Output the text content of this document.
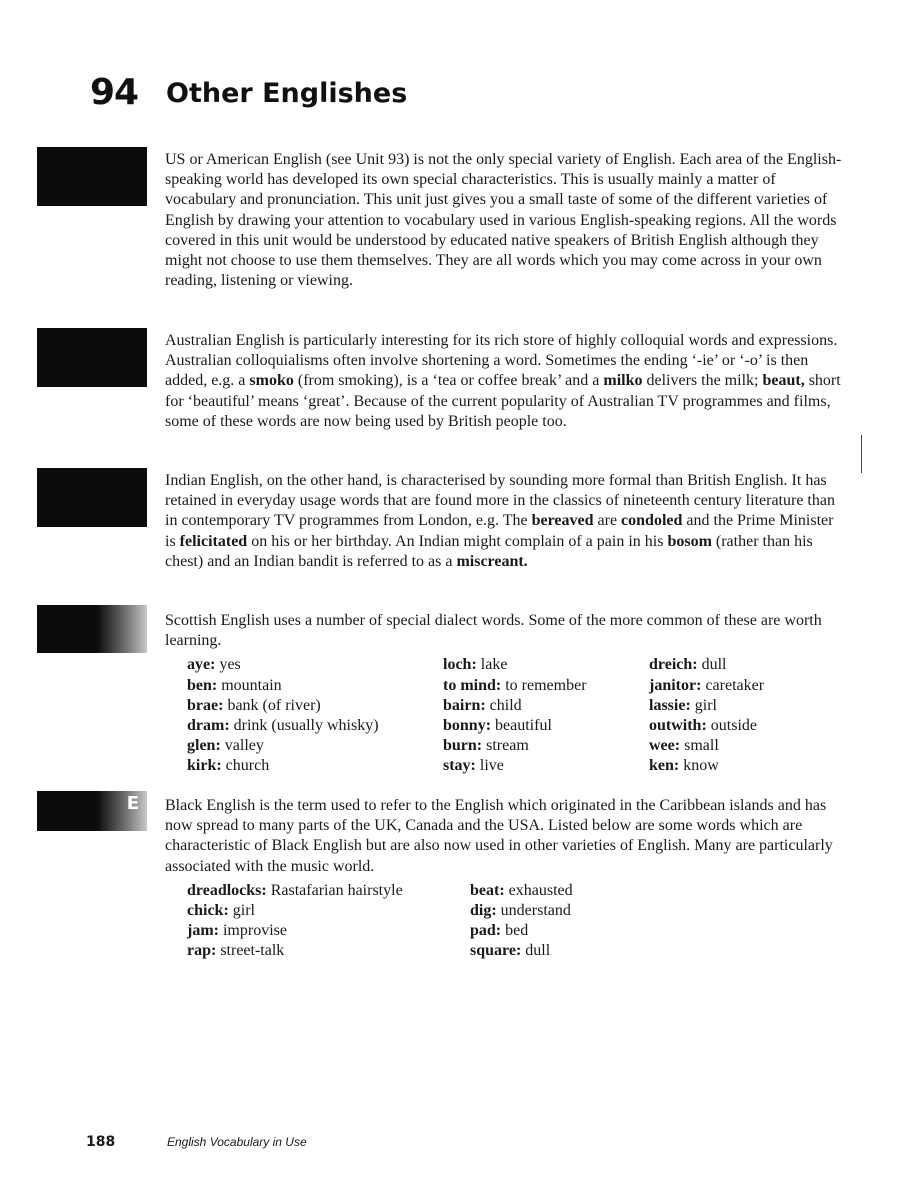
94 Other Englishes

US or American English (see Unit 93) is not the only special variety of English. Each area of the English-speaking world has developed its own special characteristics. This is usually mainly a matter of vocabulary and pronunciation. This unit just gives you a small taste of some of the different varieties of English by drawing your attention to vocabulary used in various English-speaking regions. All the words covered in this unit would be understood by educated native speakers of British English although they might not choose to use them themselves. They are all words which you may come across in your own reading, listening or viewing.

Australian English is particularly interesting for its rich store of highly colloquial words and expressions. Australian colloquialisms often involve shortening a word. Sometimes the ending ‘-ie’ or ‘-o’ is then added, e.g. a smoko (from smoking), is a ‘tea or coffee break’ and a milko delivers the milk; beaut, short for ‘beautiful’ means ‘great’. Because of the current popularity of Australian TV programmes and films, some of these words are now being used by British people too.

Indian English, on the other hand, is characterised by sounding more formal than British English. It has retained in everyday usage words that are found more in the classics of nineteenth century literature than in contemporary TV programmes from London, e.g. The bereaved are condoled and the Prime Minister is felicitated on his or her birthday. An Indian might complain of a pain in his bosom (rather than his chest) and an Indian bandit is referred to as a miscreant.

Scottish English uses a number of special dialect words. Some of the more common of these are worth learning.

aye: yes
ben: mountain
brae: bank (of river)
dram: drink (usually whisky)
glen: valley
kirk: church
loch: lake
to mind: to remember
bairn: child
bonny: beautiful
burn: stream
stay: live
dreich: dull
janitor: caretaker
lassie: girl
outwith: outside
wee: small
ken: know
E Black English is the term used to refer to the English which originated in the Caribbean islands and has now spread to many parts of the UK, Canada and the USA. Listed below are some words which are characteristic of Black English but are also now used in other varieties of English. Many are particularly associated with the music world.

dreadlocks: Rastafarian hairstyle
chick: girl
jam: improvise
rap: street-talk
beat: exhausted
dig: understand
pad: bed
square: dull
188	English Vocabulary in Use
